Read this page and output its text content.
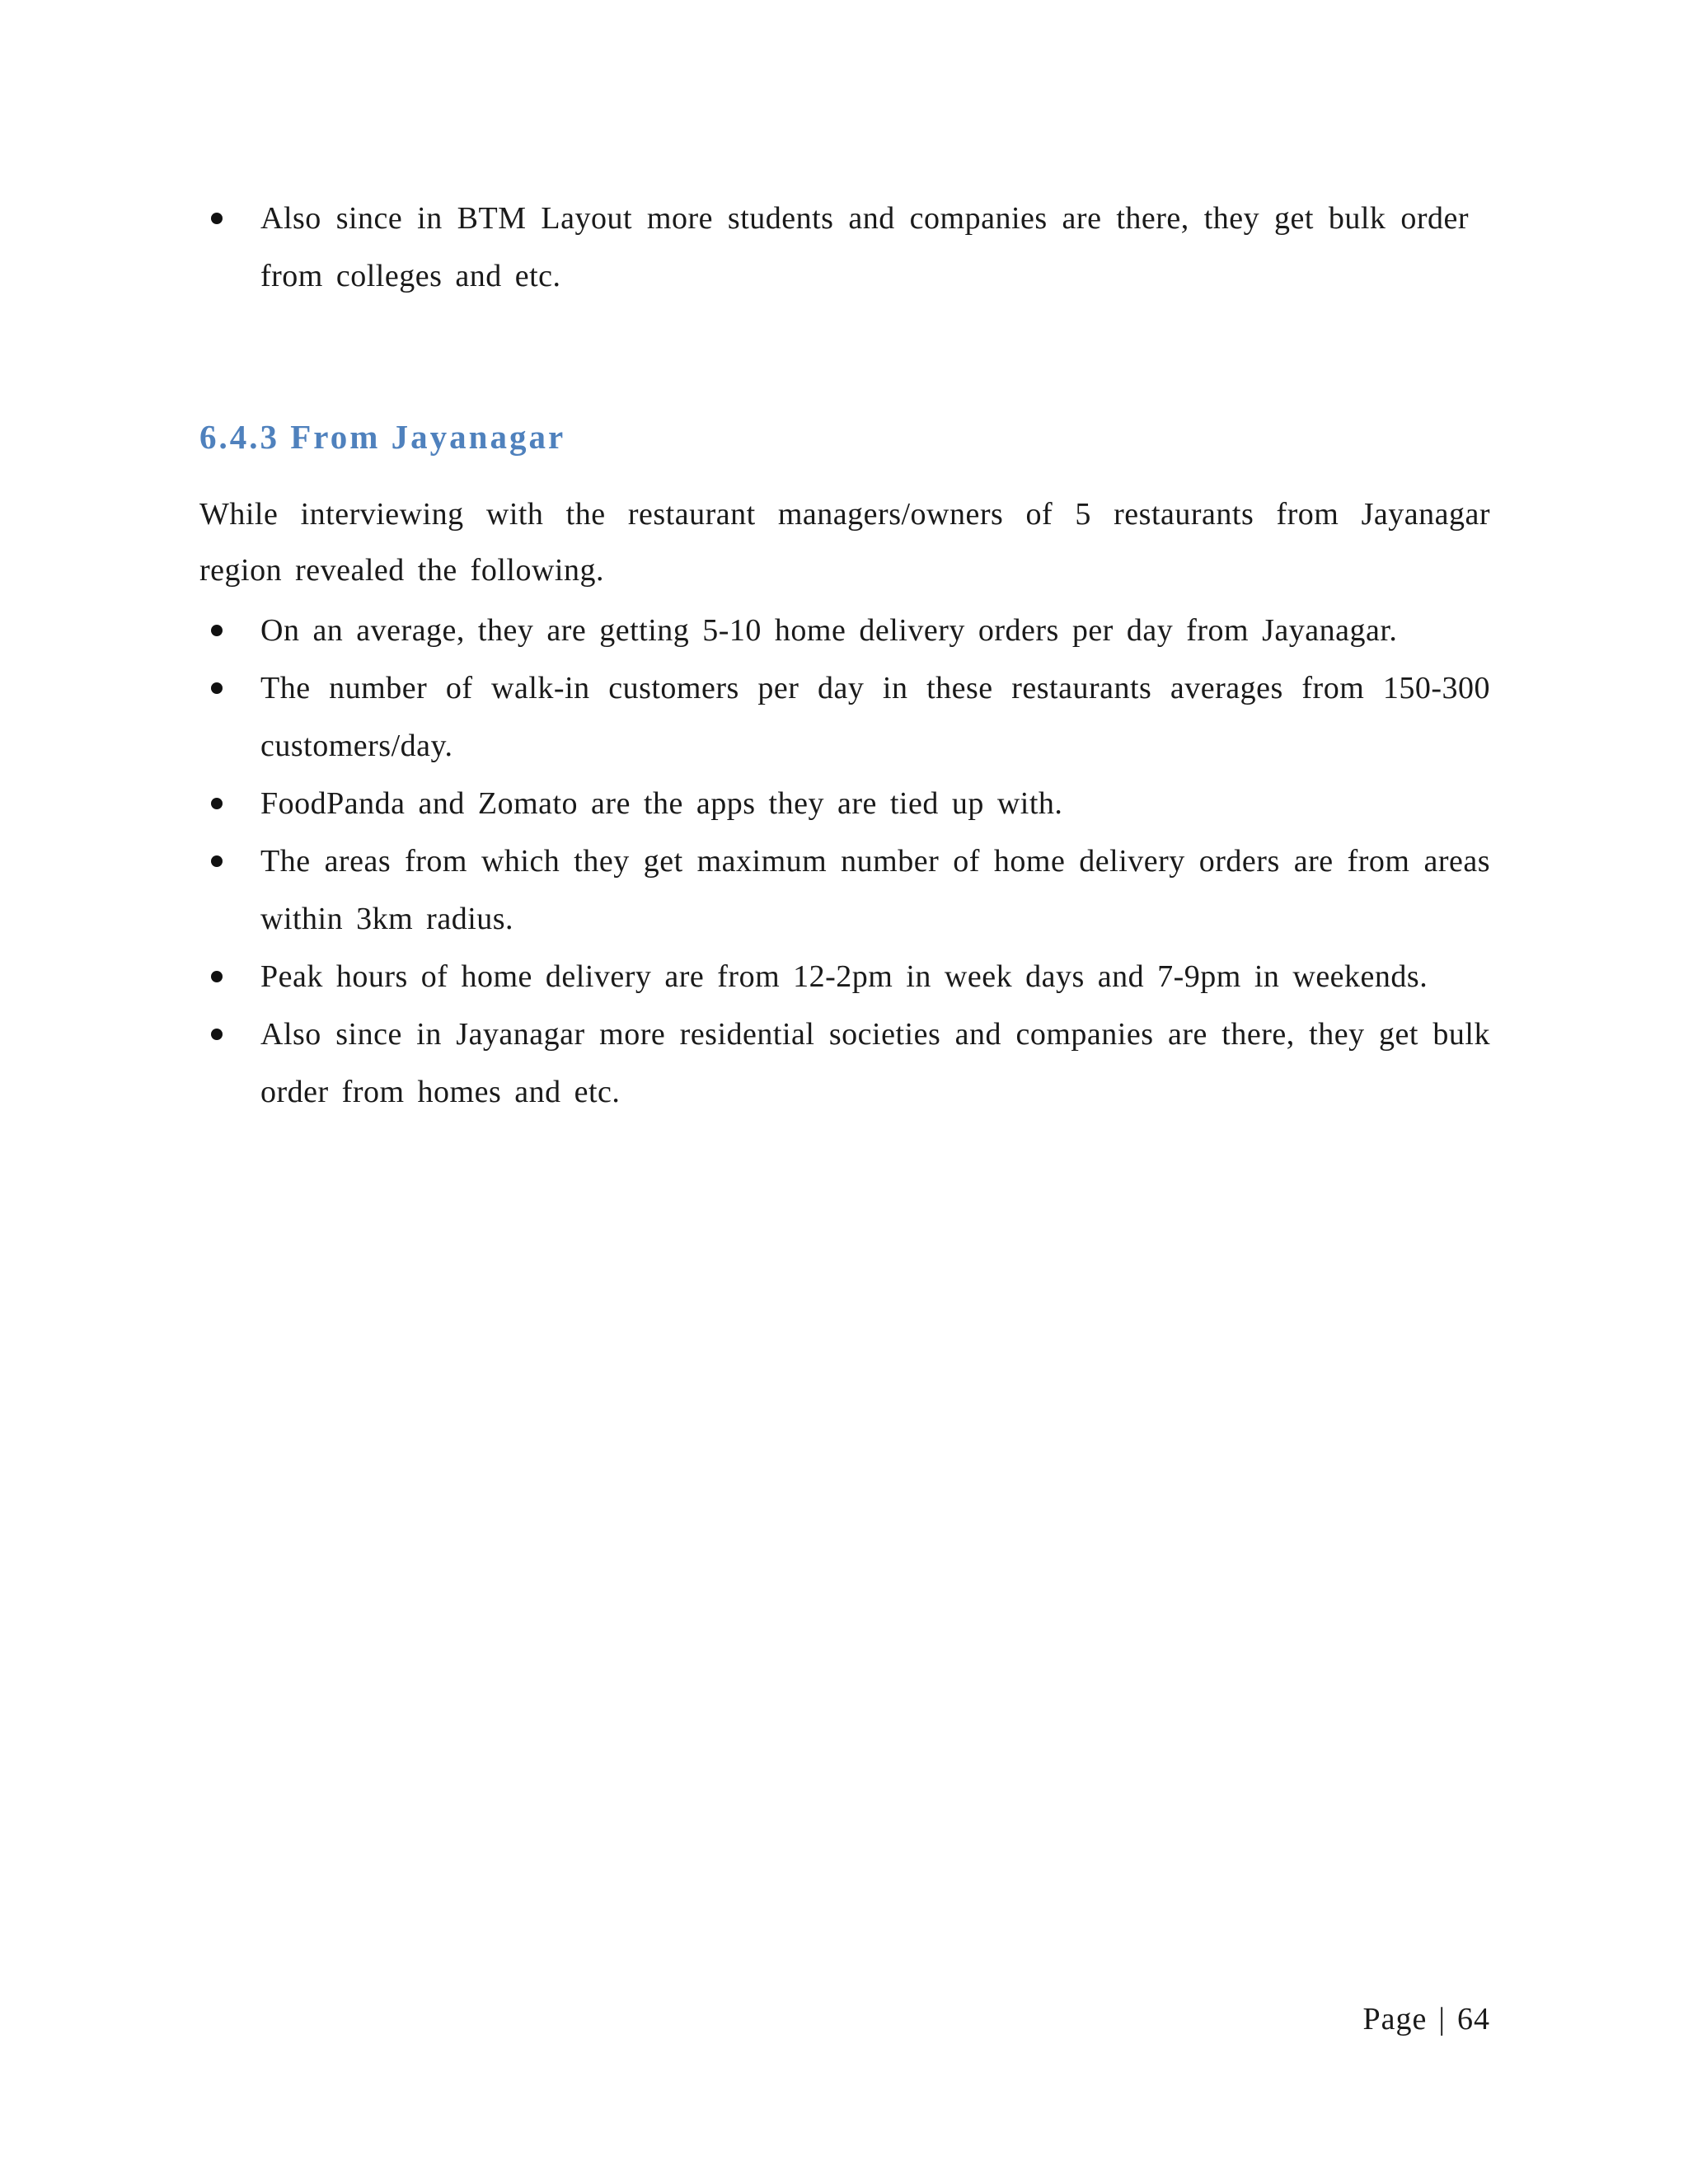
Also since in BTM Layout more students and companies are there, they get bulk order from colleges and etc.
6.4.3 From Jayanagar

While interviewing with the restaurant managers/owners of 5 restaurants from Jayanagar region revealed the following.

On an average, they are getting 5-10 home delivery orders per day from Jayanagar.
The number of walk-in customers per day in these restaurants averages from 150-300 customers/day.
FoodPanda and Zomato are the apps they are tied up with.
The areas from which they get maximum number of home delivery orders are from areas within 3km radius.
Peak hours of home delivery are from 12-2pm in week days and 7-9pm in weekends.
Also since in Jayanagar more residential societies and companies are there, they get bulk order from homes and etc.
Page | 64
